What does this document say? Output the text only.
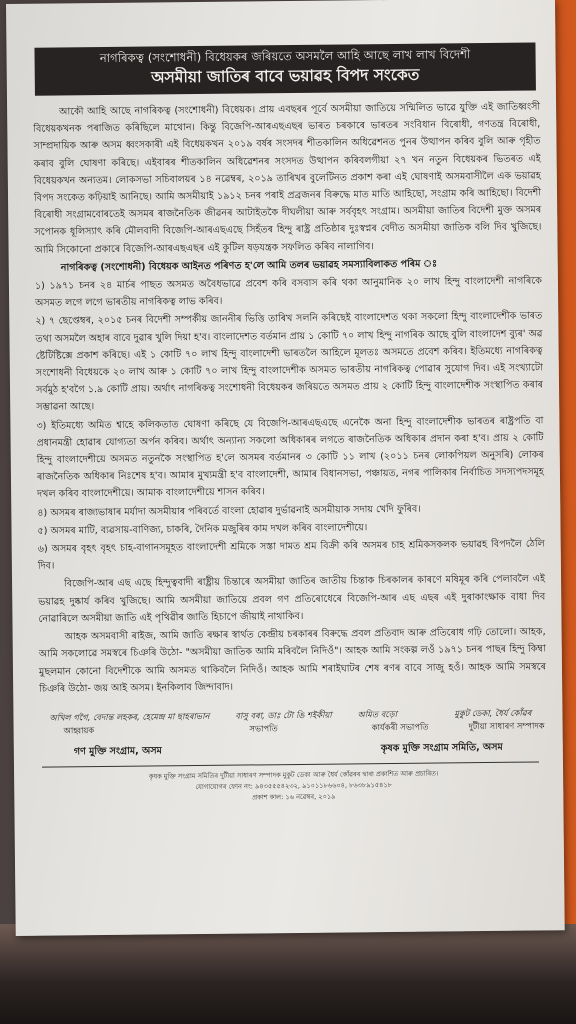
নাগৰিকত্ব (সংশোধনী) বিধেয়কৰ জৰিয়তে অসমলৈ আহি আছে লাখ লাখ বিদেশী
অসমীয়া জাতিৰ বাবে ভয়াৱহ বিপদ সংকেত

আকৌ আহি আছে নাগৰিকত্ব (সংশোধনী) বিধেয়ক। প্ৰায় এবছৰৰ পূৰ্বে অসমীয়া জাতিয়ে সন্মিলিত ভাৱে যুক্তি এই জাতিধ্বংসী বিধেয়কখনক পৰাজিত কৰিছিলে মাথোন। কিন্তু বিজেপি-আৰএছএছৰ ভাৰত চৰকাৰে ভাৰতৰ সংবিধান বিৰোধী, গণতন্ত্ৰ বিৰোধী, সাম্প্ৰদায়িক আৰু অসম ধ্বংসকাৰী এই বিধেয়কখন ২০১৯ বৰ্ষৰ সংসদৰ শীতকালিন অধিৱেশনত পুনৰ উত্থাপন কৰিব বুলি আৰু গৃহীত কৰাব বুলি ঘোষণা কৰিছে। এইবাৰৰ শীতকালিন অধিৱেশনৰ সংসদত উত্থাপন কৰিবলগীয়া ২৭ খন নতুন বিধেয়কৰ ভিতৰত এই বিধেয়কখন অন্যতম। লোকসভা সচিবালয়ৰ ১৪ নৱেম্বৰ, ২০১৯ তাৰিখৰ বুলেটিনত প্ৰকাশ কৰা এই ঘোষণাই অসমবাসীলৈ এক ভয়াৱহ বিপদ সংকেত কঢ়িয়াই আনিছে। আমি অসমীয়াই ১৯১২ চনৰ পৰাই প্ৰব্ৰজনৰ বিৰুদ্ধে মাত মাতি আহিছো, সংগ্ৰাম কৰি আহিছো। বিদেশী বিৰোধী সংগ্ৰামবোৰতেই অসমৰ ৰাজনৈতিক জীৱনৰ আটাইতকৈ দীঘলীয়া আৰু সৰ্ববৃহৎ সংগ্ৰাম। অসমীয়া জাতিৰ বিদেশী মুক্ত অসমৰ সপোনক ধূলিস্যাৎ কৰি মৌলবাদী বিজেপি-আৰএছএছে সিহঁতৰ হিন্দু ৰাষ্ট্ৰ প্ৰতিষ্ঠাৰ দুঃস্বপ্নৰ বেদীত অসমীয়া জাতিক বলি দিব খুজিছে। আমি সিকোনো প্ৰকাৰে বিজেপি-আৰএছএছৰ এই কুটিল ষড়যন্ত্ৰক সফলিত কৰিব নালাগিব।

নাগৰিকত্ব (সংশোধনী) বিধেয়ক আইনত পৰিণত হ'লে আমি তলৰ ভয়াৱহ সমস্যাবিলাকত পৰিম ঃ

১) ১৯৭১ চনৰ ২৪ মাৰ্চৰ পাছত অসমত অবৈধভাৱে প্ৰবেশ কৰি বসবাস কৰি থকা আনুমানিক ২০ লাখ হিন্দু বাংলাদেশী নাগৰিকে অসমত লগে লগে ভাৰতীয় নাগৰিকত্ব লাভ কৰিব।

২) ৭ ছেপ্তেম্বৰ, ২০১৫ চনৰ বিদেশী সম্পৰ্কীয় জাননীৰ ভিত্তি তাৰিখ সলনি কৰিছেই বাংলাদেশত থকা সকলো হিন্দু বাংলাদেশীক ভাৰত তথা অসমলৈ অহাৰ বাবে দুৱাৰ খুলি দিয়া হ'ব। বাংলাদেশত বৰ্তমান প্ৰায় ১ কোটি ৭০ লাখ হিন্দু নাগৰিক আছে বুলি বাংলাদেশ ব্যুৰ' অৱ ষ্টেটিষ্টিক্সে প্ৰকাশ কৰিছে। এই ১ কোটি ৭০ লাখ হিন্দু বাংলাদেশী ভাৰতলৈ আহিলে মূলতঃ অসমতে প্ৰবেশ কৰিব। ইতিমধ্যে নাগৰিকত্ব সংশোধনী বিধেয়কে ২০ লাখ আৰু ১ কোটি ৭০ লাখ হিন্দু বাংলাদেশীক অসমত ভাৰতীয় নাগৰিকত্ব পোৱাৰ সুযোগ দিব। এই সংখ্যাটো সৰ্বমুঠ হ'বগৈ ১.৯ কোটি প্ৰায়। অৰ্থাৎ নাগৰিকত্ব সংশোধনী বিধেয়কৰ জৰিয়তে অসমত প্ৰায় ২ কোটি হিন্দু বাংলাদেশীক সংস্থাপিত কৰাৰ সম্ভাৱনা আছে।

৩) ইতিমধ্যে অমিত শ্বাহে কলিকতাত ঘোষণা কৰিছে যে বিজেপি-আৰএছএছে এনেকৈ অনা হিন্দু বাংলাদেশীক ভাৰতৰ ৰাষ্ট্ৰপতি বা প্ৰধানমন্ত্ৰী হোৱাৰ যোগ্যতা অৰ্পন কৰিব। অৰ্থাৎ অন্যান্য সকলো অধিকাৰৰ লগতে ৰাজনৈতিক অধিকাৰ প্ৰদান কৰা হ'ব। প্ৰায় ২ কোটি হিন্দু বাংলাদেশীয়ে অসমত নতুনকৈ সংস্থাপিত হ'লে অসমৰ বৰ্তমানৰ ৩ কোটি ১১ লাখ (২০১১ চনৰ লোকপিয়ল অনুসৰি) লোকৰ ৰাজনৈতিক অধিকাৰ নিঃশেষ হ'ব। আমাৰ মুখ্যমন্ত্ৰী হ'ব বাংলাদেশী, আমাৰ বিধানসভা, পঞ্চায়ত, নগৰ পালিকাৰ নিৰ্বাচিত সদস্যপদসমূহ দখল কৰিব বাংলাদেশীয়ে। আমাক বাংলাদেশীয়ে শাসন কৰিব।

৪) অসমৰ ৰাজ্যভাষাৰ মৰ্যাদা অসমীয়াৰ পৰিবৰ্তে বাংলা হোৱাৰ দুৰ্ভাৱনাই অসমীয়াক সদায় খেদি ফুৰিব।

৫) অসমৰ মাটি, ব্যৱসায়-বাণিজ্য, চাকৰি, দৈনিক মজুৰিৰ কাম দখল কৰিব বাংলাদেশীয়ে।

৬) অসমৰ বৃহৎ বৃহৎ চাহ-বাগানসমূহত বাংলাদেশী শ্ৰমিকে সস্তা দামত শ্ৰম বিক্ৰী কৰি অসমৰ চাহ শ্ৰমিকসকলক ভয়াৱহ বিপদলৈ ঠেলি দিব।

বিজেপি-আৰ এছ এছে হিন্দুত্ববাদী ৰাষ্ট্ৰীয় চিন্তাৰে অসমীয়া জাতিৰ জাতীয় চিন্তাক চিৰকালৰ কাৰণে মষিমূৰ কৰি পেলাবলৈ এই ভয়াৱহ দুষ্কাৰ্য কৰিব খুজিছে। আমি অসমীয়া জাতিয়ে প্ৰবল গণ প্ৰতিৰোধেৰে বিজেপি-আৰ এছ এছৰ এই দুৰাকাংক্ষাক বাধা দিব নোৱাৰিলে অসমীয়া জাতি এই পৃথিৱীৰ জাতি হিচাপে জীয়াই নাথাকিব।

আহক অসমবাসী ৰাইজ, আমি জাতি ৰক্ষাৰ স্বাৰ্থত কেন্দ্ৰীয় চৰকাৰৰ বিৰুদ্ধে প্ৰবল প্ৰতিবাদ আৰু প্ৰতিৰোধ গঢ়ি তোলো। আহক, আমি সকলোৱে সমস্বৰে চিঞৰি উঠো- "অসমীয়া জাতিক আমি মৰিবলৈ নিদিওঁ"। আহক আমি সংকল্প লওঁ ১৯৭১ চনৰ পাছৰ হিন্দু কিম্বা মুছলমান কোনো বিদেশীকে আমি অসমত থাকিবলৈ নিদিওঁ। আহক আমি শৰাইঘাটৰ শেষ ৰণৰ বাবে সাজু হওঁ। আহক আমি সমস্বৰে চিঞৰি উঠো- জয় আই অসম। ইনকিলাব জিন্দাবাদ।

অখিল গগৈ, বেদান্ত লহকৰ, হেমেন্দ্ৰ মা ছাহৰাভান
আহ্বায়ক
বাসু বৰা, ডাঃ টো ঙি শইকীয়া
সভাপতি
অমিত বড়ো
কাৰ্যকৰী সভাপতি
মুকুট ডেকা, ধৈৰ্য কোঁৱৰ
দুটীয়া সাধাৰণ সম্পাদক
গণ মুক্তি সংগ্ৰাম, অসম	কৃষক মুক্তি সংগ্ৰাম সমিতি, অসম
কৃষক মুক্তি সংগ্ৰাম সমিতিৰ দুটীয়া সাধাৰণ সম্পাদক মুকুট ডেকা আৰু ধৈৰ্য কোঁৱৰৰ দ্বাৰা প্ৰকাশিত আৰু প্ৰচাৰিত।
যোগাযোগৰ ফোন নং: ৯৪৩৫৫৫৪২৩২, ৯১০১১৮৬৬০৪, ৮৬৩৮৯১৫৪১৮
প্ৰকাশ কাল: ১৬ নৱেম্বৰ, ২০১৯
